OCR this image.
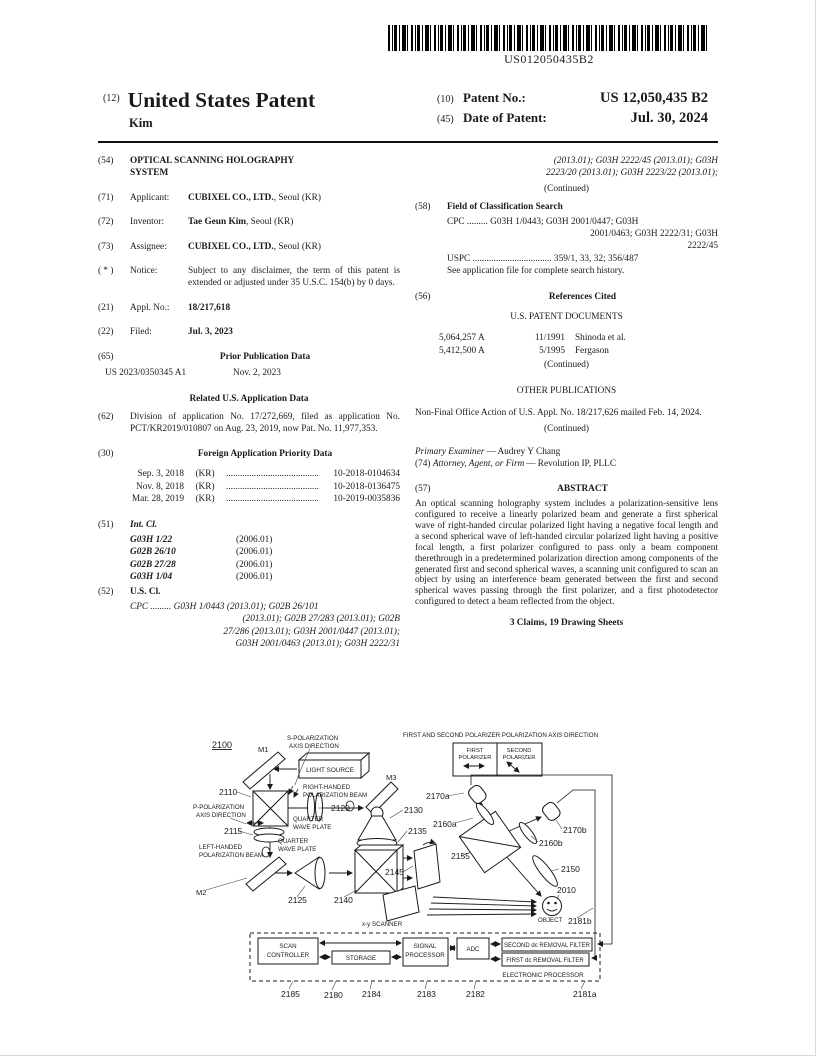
US012050435B2
$^{(12)}$ United States Patent
Kim
(10) Patent No.:	US 12,050,435 B2
(45) Date of Patent:	Jul. 30, 2024
(54)	OPTICAL SCANNING HOLOGRAPHY
SYSTEM
(71)	Applicant:	CUBIXEL CO., LTD., Seoul (KR)
(72)	Inventor:	Tae Geun Kim, Seoul (KR)
(73)	Assignee:	CUBIXEL CO., LTD., Seoul (KR)
( * )	Notice:	Subject to any disclaimer, the term of this patent is extended or adjusted under 35 U.S.C. 154(b) by 0 days.
(21)	Appl. No.:	18/217,618
(22)	Filed:	Jul. 3, 2023
(65)	Prior Publication Data
US 2023/0350345 A1	Nov. 2, 2023
Related U.S. Application Data
(62)	Division of application No. 17/272,669, filed as application No. PCT/KR2019/010807 on Aug. 23, 2019, now Pat. No. 11,977,353.
(30)	Foreign Application Priority Data
Sep. 3, 2018	(KR)	........................................	10-2018-0104634
Nov. 8, 2018	(KR)	........................................	10-2018-0136475
Mar. 28, 2019	(KR)	........................................	10-2019-0035836
(51)	Int. Cl.
G03H 1/22	(2006.01)
G02B 26/10	(2006.01)
G02B 27/28	(2006.01)
G03H 1/04	(2006.01)
(52)	U.S. Cl.
CPC ......... G03H 1/0443 (2013.01); G02B 26/101
(2013.01); G02B 27/283 (2013.01); G02B
27/286 (2013.01); G03H 2001/0447 (2013.01);
G03H 2001/0463 (2013.01); G03H 2222/31
(2013.01); G03H 2222/45 (2013.01); G03H
2223/20 (2013.01); G03H 2223/22 (2013.01);
(Continued)
(58)	Field of Classification Search
CPC ......... G03H 1/0443; G03H 2001/0447; G03H
2001/0463; G03H 2222/31; G03H
2222/45
USPC .................................. 359/1, 33, 32; 356/487
See application file for complete search history.
(56)	References Cited
U.S. PATENT DOCUMENTS
5,064,257 A	11/1991	Shinoda et al.
5,412,500 A	5/1995	Fergason
(Continued)
OTHER PUBLICATIONS
Non-Final Office Action of U.S. Appl. No. 18/217,626 mailed Feb. 14, 2024.
(Continued)
Primary Examiner — Audrey Y Chang
(74) Attorney, Agent, or Firm — Revolution IP, PLLC
(57)	ABSTRACT
An optical scanning holography system includes a polarization-sensitive lens configured to receive a linearly polarized beam and generate a first spherical wave of right-handed circular polarized light having a negative focal length and a second spherical wave of left-handed circular polarized light having a positive focal length, a first polarizer configured to pass only a beam component therethrough in a predetermined polarization direction among components of the generated first and second spherical waves, a scanning unit configured to scan an object by using an interference beam generated between the first and second spherical waves passing through the first polarizer, and a first photodetector configured to detect a beam reflected from the object.
3 Claims, 19 Drawing Sheets
2100	M1
S-POLARIZATION
AXIS DIRECTION
LIGHT SOURCE
RIGHT-HANDED
POLARIZATION BEAM
M3
2110
P-POLARIZATION
AXIS DIRECTION
2120
QUARTER
WAVE PLATE
2115
QUARTER
WAVE PLATE
LEFT-HANDED
POLARIZATION BEAM
M2
2125	2140
2130
2135
2145
x-y SCANNER
2155
2160a
2170a
2160b
2170b
2150
2010
OBJECT 2181b
FIRST AND SECOND POLARIZER POLARIZATION AXIS DIRECTION
FIRST
POLARIZER
SECOND
POLARIZER
SCAN
CONTROLLER	STORAGE
SIGNAL
PROCESSOR
ADC	SECOND dc REMOVAL FILTER
FIRST dc REMOVAL FILTER
ELECTRONIC PROCESSOR
2185	2180 2184	2183	2182	2181a
